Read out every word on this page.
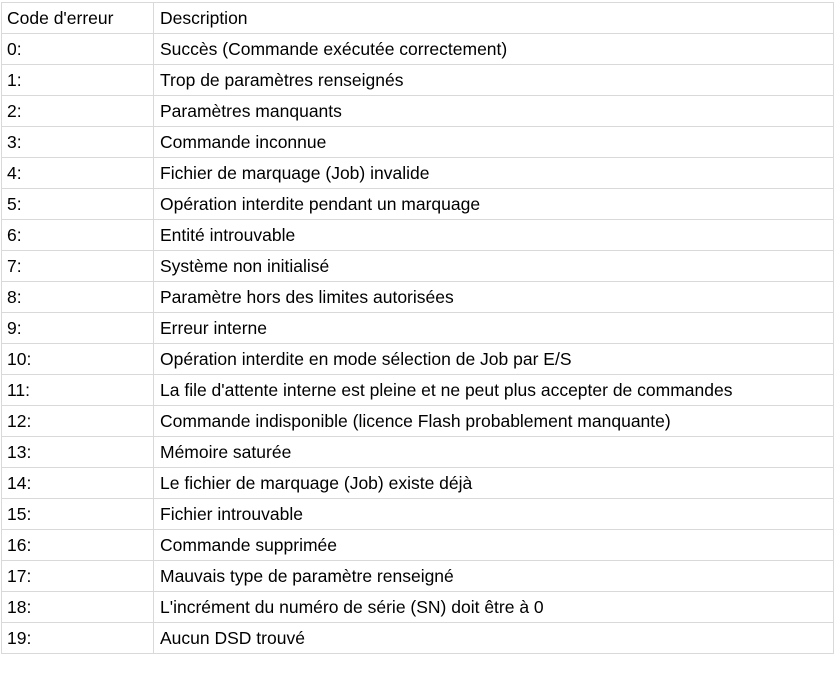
Code d'erreur	Description
0:	Succès (Commande exécutée correctement)
1:	Trop de paramètres renseignés
2:	Paramètres manquants
3:	Commande inconnue
4:	Fichier de marquage (Job) invalide
5:	Opération interdite pendant un marquage
6:	Entité introuvable
7:	Système non initialisé
8:	Paramètre hors des limites autorisées
9:	Erreur interne
10:	Opération interdite en mode sélection de Job par E/S
11:	La file d'attente interne est pleine et ne peut plus accepter de commandes
12:	Commande indisponible (licence Flash probablement manquante)
13:	Mémoire saturée
14:	Le fichier de marquage (Job) existe déjà
15:	Fichier introuvable
16:	Commande supprimée
17:	Mauvais type de paramètre renseigné
18:	L'incrément du numéro de série (SN) doit être à 0
19:	Aucun DSD trouvé
